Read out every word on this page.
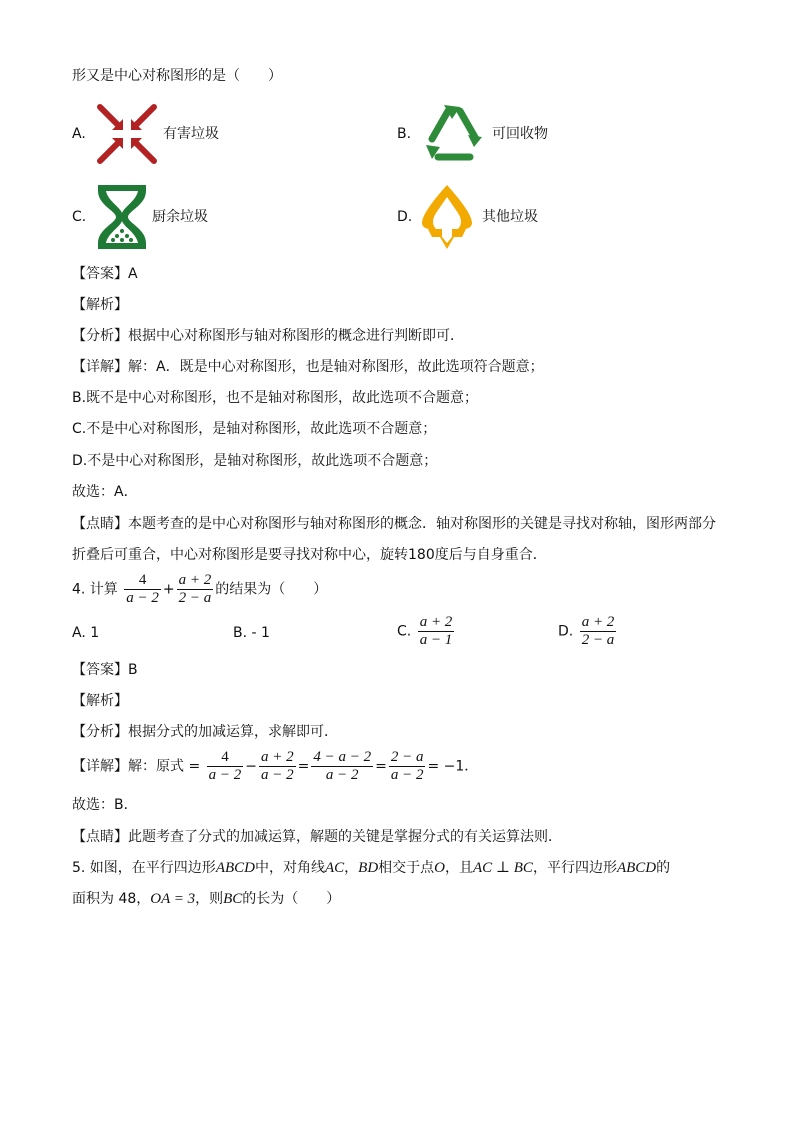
形又是中心对称图形的是（　　）
A.	有害垃圾	B.	可回收物
C.	厨余垃圾	D.	其他垃圾
【答案】A
【解析】
【分析】根据中心对称图形与轴对称图形的概念进行判断即可．
【详解】解：A．既是中心对称图形，也是轴对称图形，故此选项符合题意；
B.既不是中心对称图形，也不是轴对称图形，故此选项不合题意；
C.不是中心对称图形，是轴对称图形，故此选项不合题意；
D.不是中心对称图形，是轴对称图形，故此选项不合题意；
故选：A．
【点睛】本题考查的是中心对称图形与轴对称图形的概念．轴对称图形的关键是寻找对称轴，图形两部分
折叠后可重合，中心对称图形是要寻找对称中心，旋转180度后与自身重合．
4. 计算 $\frac{4}{a - 2} + \frac{a + 2}{2 - a}$ 的结果为（　　）
A. 1	B. - 1	C. $\frac{a + 2}{a - 1}$	D. $\frac{a + 2}{2 - a}$
【答案】B
【解析】
【分析】根据分式的加减运算，求解即可．
【详解】解：原式 = $\frac{4}{a - 2} - \frac{a + 2}{a - 2} = \frac{4 - a - 2}{a - 2} = \frac{2 - a}{a - 2} = -1$．
故选：B．
【点睛】此题考查了分式的加减运算，解题的关键是掌握分式的有关运算法则．
5. 如图，在平行四边形ABCD中，对角线AC，BD相交于点O，且AC ⊥ BC，平行四边形ABCD的
面积为 48，OA = 3，则BC的长为（　　）
